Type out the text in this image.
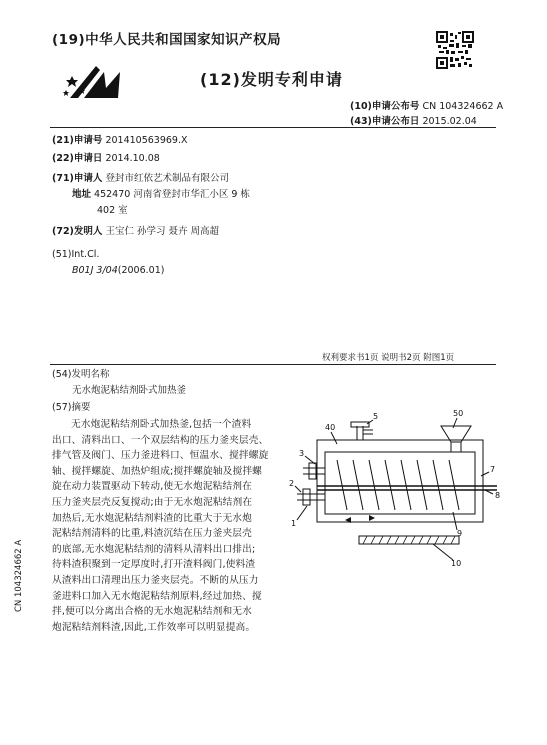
(19)中华人民共和国国家知识产权局
(12)发明专利申请
(10)申请公布号 CN 104324662 A
(43)申请公布日 2015.02.04
(21)申请号 201410563969.X
(22)申请日 2014.10.08
(71)申请人 登封市红依艺术制品有限公司
地址 452470 河南省登封市华汇小区 9 栋
402 室
(72)发明人 王宝仁 孙学习 聂卉 周高超
(51)Int.Cl.
B01J 3/04(2006.01)
权利要求书1页 说明书2页 附图1页
(54)发明名称
无水炮泥粘结剂卧式加热釜
(57)摘要
无水炮泥粘结剂卧式加热釜,包括一个渣料
出口、清料出口、一个双层结构的压力釜夹层壳、
排气管及阀门、压力釜进料口、恒温水、搅拌螺旋
轴、搅拌螺旋、加热炉组成;搅拌螺旋轴及搅拌螺
旋在动力装置驱动下转动,使无水炮泥粘结剂在
压力釜夹层壳反复搅动;由于无水炮泥粘结剂在
加热后,无水炮泥粘结剂料渣的比重大于无水炮
泥粘结剂清料的比重,料渣沉结在压力釜夹层壳
的底部,无水炮泥粘结剂的清料从清料出口排出;
待料渣积聚到一定厚度时,打开渣料阀门,使料渣
从渣料出口清理出压力釜夹层壳。不断的从压力
釜进料口加入无水炮泥粘结剂原料,经过加热、搅
拌,便可以分离出合格的无水炮泥粘结剂和无水
炮泥粘结剂料渣,因此,工作效率可以明显提高。
3
5	50
40
7
2
8
1
9
10
CN 104324662 A
